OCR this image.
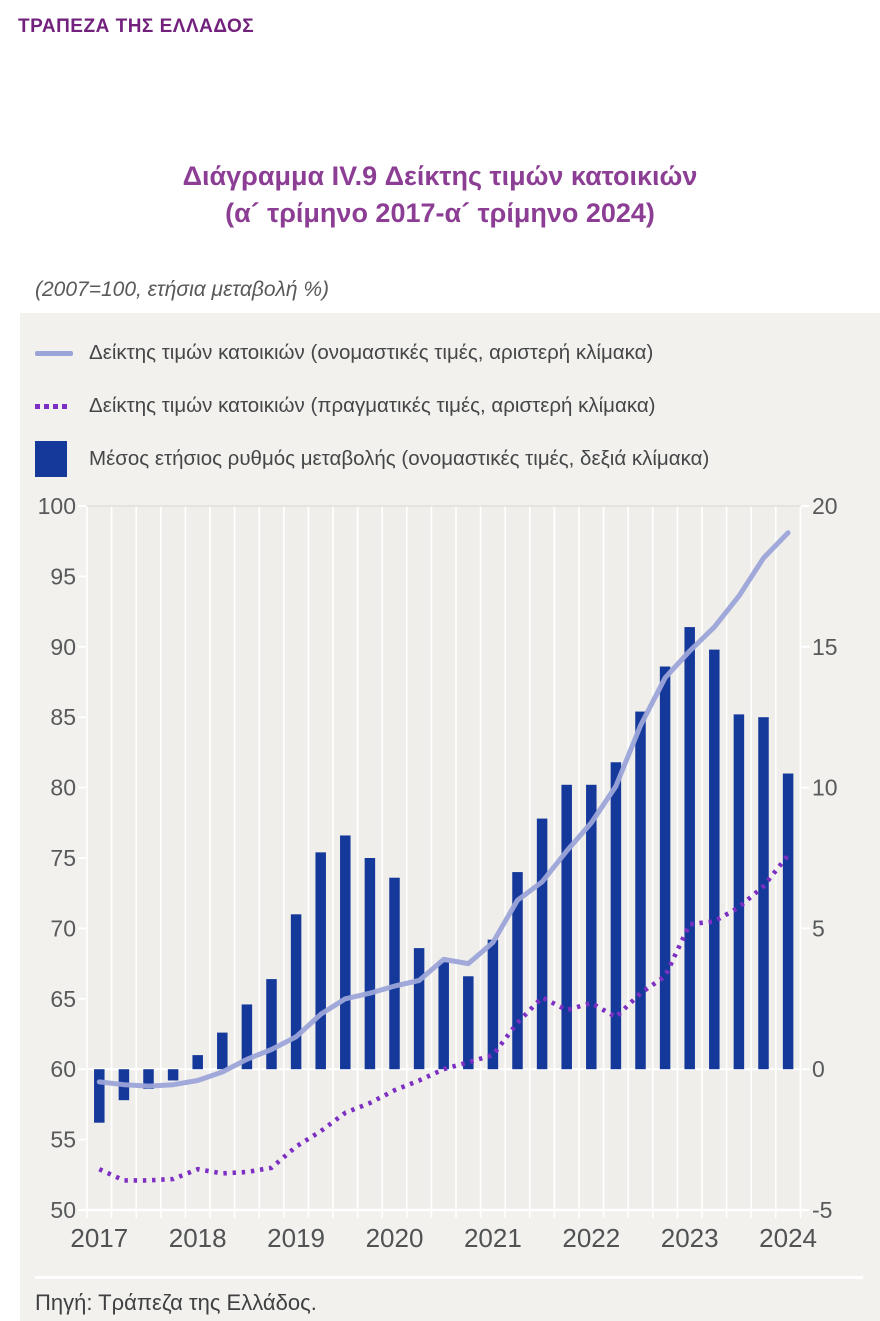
ΤΡΑΠΕΖΑ ΤΗΣ ΕΛΛΑΔΟΣ
Διάγραμμα IV.9 Δείκτης τιμών κατοικιών
(α´ τρίμηνο 2017-α´ τρίμηνο 2024)
(2007=100, ετήσια μεταβολή %)
Δείκτης τιμών κατοικιών (ονομαστικές τιμές, αριστερή κλίμακα)
Δείκτης τιμών κατοικιών (πραγματικές τιμές, αριστερή κλίμακα)
Μέσος ετήσιος ρυθμός μεταβολής (ονομαστικές τιμές, δεξιά κλίμακα)
Πηγή: Τράπεζα της Ελλάδος.
100
95
90
85
80
75
70
65
60
55
50
20
15
10
5
0
-5
2017 2018 2019 2020 2021 2022 2023 2024
